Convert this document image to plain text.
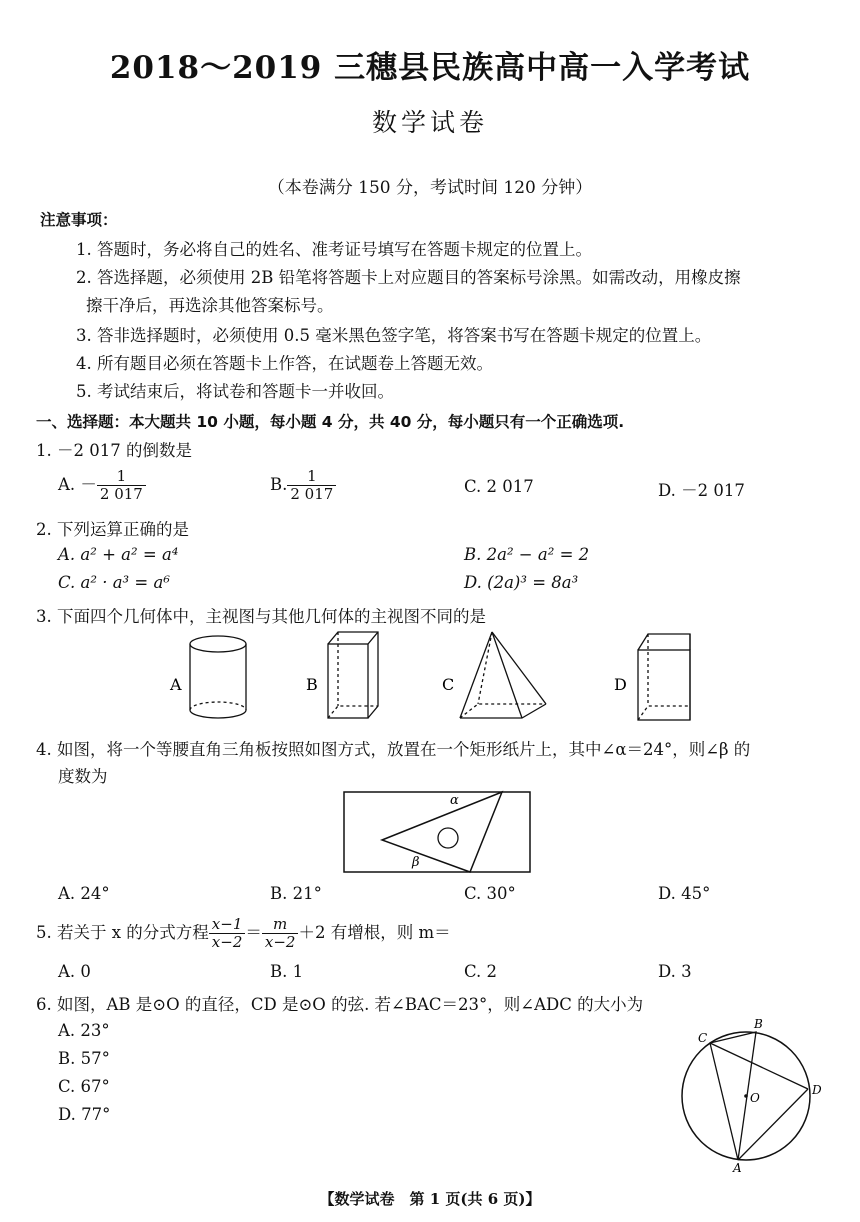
2018～2019 三穗县民族高中高一入学考试
数学试卷
（本卷满分 150 分，考试时间 120 分钟）
注意事项：
1. 答题时，务必将自己的姓名、准考证号填写在答题卡规定的位置上。
2. 答选择题，必须使用 2B 铅笔将答题卡上对应题目的答案标号涂黑。如需改动，用橡皮擦
擦干净后，再选涂其他答案标号。
3. 答非选择题时，必须使用 0.5 毫米黑色签字笔，将答案书写在答题卡规定的位置上。
4. 所有题目必须在答题卡上作答，在试题卷上答题无效。
5. 考试结束后，将试卷和答题卡一并收回。
一、选择题：本大题共 10 小题，每小题 4 分，共 40 分，每小题只有一个正确选项.
1. －2 017 的倒数是
A. － $\frac{1}{2 017}$	B. $\frac{1}{2 017}$	C. 2 017	D. －2 017
2. 下列运算正确的是
A. a² + a² = a⁴	B. 2a² − a² = 2
C. a² · a³ = a⁶	D. (2a)³ = 8a³
3. 下面四个几何体中，主视图与其他几何体的主视图不同的是
A	B	C	D
4. 如图，将一个等腰直角三角板按照如图方式，放置在一个矩形纸片上，其中∠α＝24°，则∠β 的
度数为
α
β
A. 24°	B. 21°	C. 30°	D. 45°
5. 若关于 x 的分式方程 $\frac{x-1}{x-2} = \frac{m}{x-2} +2$ 有增根，则 m＝
A. 0	B. 1	C. 2	D. 3
6. 如图，AB 是⊙O 的直径，CD 是⊙O 的弦. 若∠BAC＝23°，则∠ADC 的大小为
A. 23°
B. 57°
C. 67°
D. 77°
A
B
C
D
O
【数学试卷　第 1 页(共 6 页)】
